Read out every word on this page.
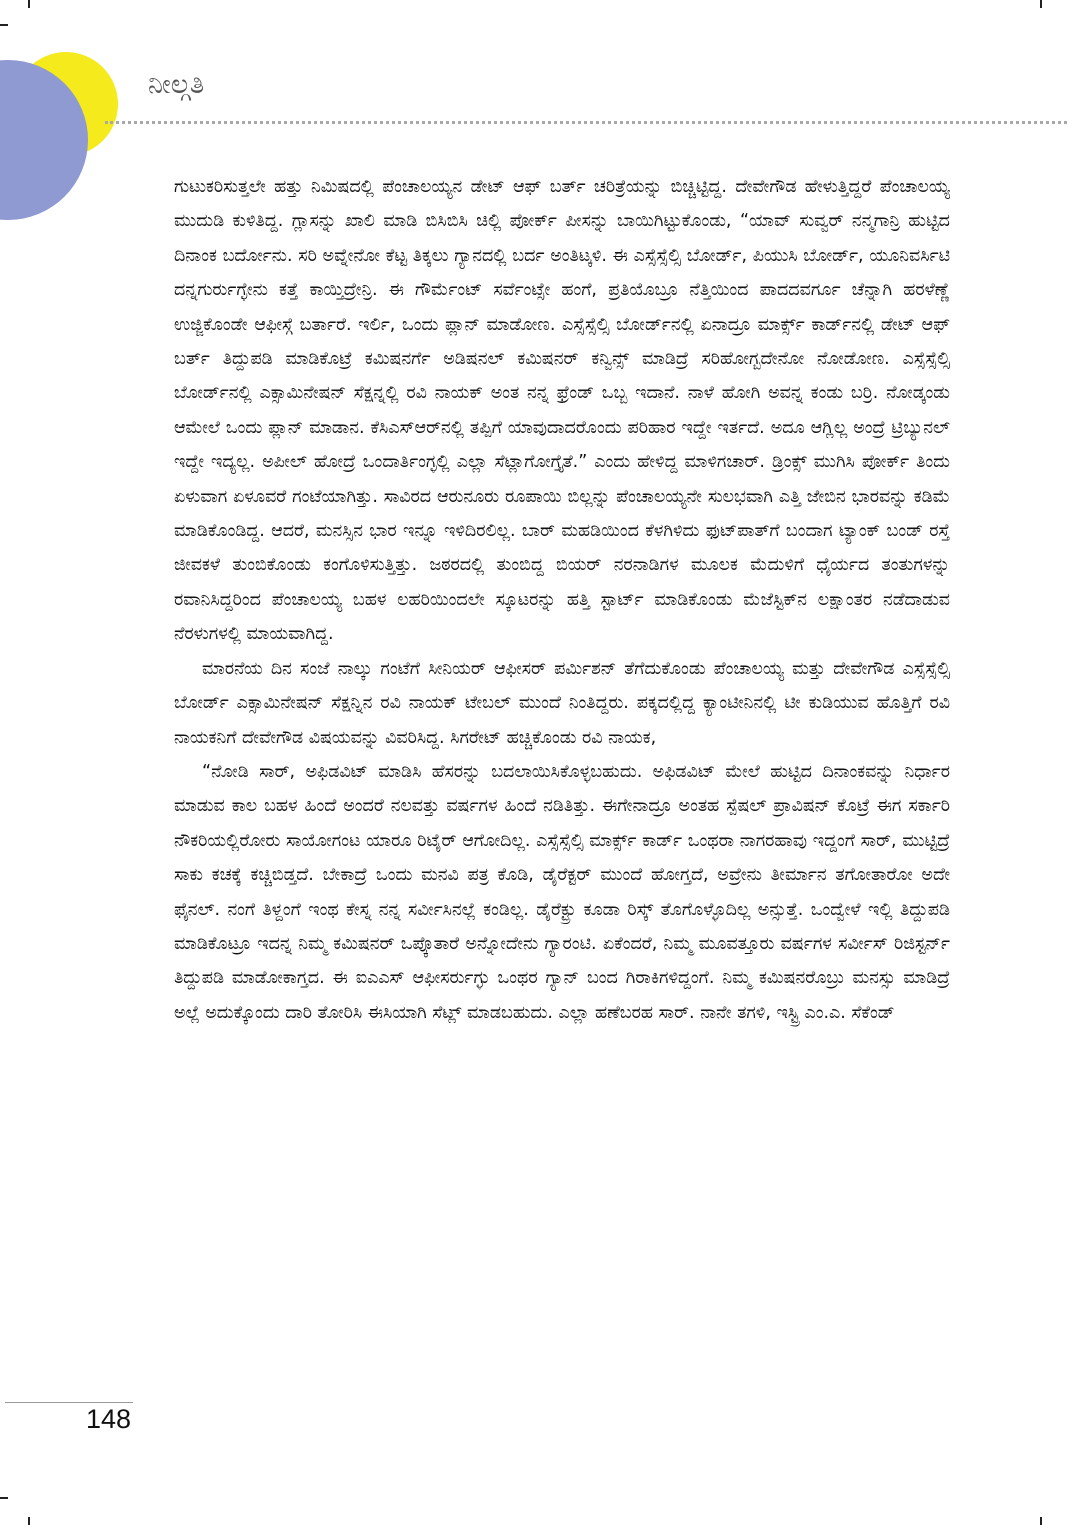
ನೀಲ್ಗತಿ

ಗುಟುಕರಿಸುತ್ತಲೇ ಹತ್ತು ನಿಮಿಷದಲ್ಲಿ ಪೆಂಚಾಲಯ್ಯನ ಡೇಟ್ ಆಫ್ ಬರ್ತ್ ಚರಿತ್ರೆಯನ್ನು ಬಿಚ್ಚಿಟ್ಟಿದ್ದ. ದೇವೇಗೌಡ ಹೇಳುತ್ತಿದ್ದರೆ ಪೆಂಚಾಲಯ್ಯ ಮುದುಡಿ ಕುಳಿತಿದ್ದ. ಗ್ಲಾಸನ್ನು ಖಾಲಿ ಮಾಡಿ ಬಿಸಿಬಿಸಿ ಚಿಲ್ಲಿ ಪೋರ್ಕ್ ಪೀಸನ್ನು ಬಾಯಿಗಿಟ್ಟುಕೊಂಡು, “ಯಾವ್ ಸುವ್ವರ್ ನನ್ಮಗಾನ್ರಿ ಹುಟ್ಟಿದ ದಿನಾಂಕ ಬರ್ದೋನು. ಸರಿ ಅವ್ನೇನೋ ಕೆಟ್ಟ ತಿಕ್ಕಲು ಗ್ಯಾನದಲ್ಲಿ ಬರ್ದ ಅಂತಿಟ್ಕಳಿ. ಈ ಎಸ್ಸೆಸ್ಸೆಲ್ಸಿ ಬೋರ್ಡ್, ಪಿಯುಸಿ ಬೋರ್ಡ್, ಯೂನಿವರ್ಸಿಟಿ ದನ್ನಗುರ್ರುಗ್ಳೇನು ಕತ್ತೆ ಕಾಯ್ತಿದ್ರೇನ್ರಿ. ಈ ಗೌರ್ಮೆಂಟ್ ಸರ್ವೆಂಟ್ಸೇ ಹಂಗೆ, ಪ್ರತಿಯೊಬ್ರೂ ನೆತ್ತಿಯಿಂದ ಪಾದದವರ್ಗೂ ಚೆನ್ನಾಗಿ ಹರಳೆಣ್ಣೆ ಉಜ್ಜಿಕೊಂಡೇ ಆಫೀಸ್ಗೆ ಬರ್ತಾರೆ. ಇರ್ಲಿ, ಒಂದು ಪ್ಲಾನ್ ಮಾಡೋಣ. ಎಸ್ಸೆಸ್ಸೆಲ್ಸಿ ಬೋರ್ಡ್‌ನಲ್ಲಿ ಏನಾದ್ರೂ ಮಾರ್ಕ್ಸ್ ಕಾರ್ಡ್‌ನಲ್ಲಿ ಡೇಟ್ ಆಫ್ ಬರ್ತ್ ತಿದ್ದುಪಡಿ ಮಾಡಿಕೊಟ್ರೆ ಕಮಿಷನರ್ಗೆ ಅಡಿಷನಲ್ ಕಮಿಷನರ್ ಕನ್ವಿನ್ಸ್ ಮಾಡಿದ್ರೆ ಸರಿಹೋಗ್ಬದೇನೋ ನೋಡೋಣ. ಎಸ್ಸೆಸ್ಸೆಲ್ಸಿ ಬೋರ್ಡ್‌ನಲ್ಲಿ ಎಕ್ಸಾಮಿನೇಷನ್ ಸೆಕ್ಷನ್ನಲ್ಲಿ ರವಿ ನಾಯಕ್ ಅಂತ ನನ್ನ ಫ್ರೆಂಡ್ ಒಬ್ಬ ಇದಾನೆ. ನಾಳೆ ಹೋಗಿ ಅವನ್ನ ಕಂಡು ಬರ್ರಿ. ನೋಡ್ಕಂಡು ಆಮೇಲೆ ಒಂದು ಪ್ಲಾನ್ ಮಾಡಾನ. ಕೆಸಿಎಸ್‌ಆರ್‌ನಲ್ಲಿ ತಪ್ಪಿಗೆ ಯಾವುದಾದರೊಂದು ಪರಿಹಾರ ಇದ್ದೇ ಇರ್ತದೆ. ಅದೂ ಆಗ್ಲಿಲ್ಲ ಅಂದ್ರೆ ಟ್ರಿಬ್ಯುನಲ್ ಇದ್ದೇ ಇದ್ಯಲ್ಲ. ಅಪೀಲ್ ಹೋದ್ರೆ ಒಂದಾರ್ತಿಂಗ್ಳಲ್ಲಿ ಎಲ್ಲಾ ಸೆಟ್ಲಾಗೋಗ್ತೈತೆ.” ಎಂದು ಹೇಳಿದ್ದ ಮಾಳಿಗಚಾರ್. ಡ್ರಿಂಕ್ಸ್ ಮುಗಿಸಿ ಪೋರ್ಕ್ ತಿಂದು ಏಳುವಾಗ ಏಳೂವರೆ ಗಂಟೆಯಾಗಿತ್ತು. ಸಾವಿರದ ಆರುನೂರು ರೂಪಾಯಿ ಬಿಲ್ಲನ್ನು ಪೆಂಚಾಲಯ್ಯನೇ ಸುಲಭವಾಗಿ ಎತ್ತಿ ಜೇಬಿನ ಭಾರವನ್ನು ಕಡಿಮೆ ಮಾಡಿಕೊಂಡಿದ್ದ. ಆದರೆ, ಮನಸ್ಸಿನ ಭಾರ ಇನ್ನೂ ಇಳಿದಿರಲಿಲ್ಲ. ಬಾರ್ ಮಹಡಿಯಿಂದ ಕೆಳಗಿಳಿದು ಫುಟ್‌ಪಾತ್‌ಗೆ ಬಂದಾಗ ಟ್ಯಾಂಕ್ ಬಂಡ್ ರಸ್ತೆ ಜೀವಕಳೆ ತುಂಬಿಕೊಂಡು ಕಂಗೊಳಿಸುತ್ತಿತ್ತು. ಜಠರದಲ್ಲಿ ತುಂಬಿದ್ದ ಬಿಯರ್ ನರನಾಡಿಗಳ ಮೂಲಕ ಮೆದುಳಿಗೆ ಧೈರ್ಯದ ತಂತುಗಳನ್ನು ರವಾನಿಸಿದ್ದರಿಂದ ಪೆಂಚಾಲಯ್ಯ ಬಹಳ ಲಹರಿಯಿಂದಲೇ ಸ್ಕೂಟರನ್ನು ಹತ್ತಿ ಸ್ಟಾರ್ಟ್ ಮಾಡಿಕೊಂಡು ಮೆಜೆಸ್ಟಿಕ್‌ನ ಲಕ್ಷಾಂತರ ನಡೆದಾಡುವ ನೆರಳುಗಳಲ್ಲಿ ಮಾಯವಾಗಿದ್ದ.

ಮಾರನೆಯ ದಿನ ಸಂಜೆ ನಾಲ್ಕು ಗಂಟೆಗೆ ಸೀನಿಯರ್ ಆಫೀಸರ್ ಪರ್ಮಿಶನ್ ತೆಗೆದುಕೊಂಡು ಪೆಂಚಾಲಯ್ಯ ಮತ್ತು ದೇವೇಗೌಡ ಎಸ್ಸೆಸ್ಸೆಲ್ಸಿ ಬೋರ್ಡ್ ಎಕ್ಸಾಮಿನೇಷನ್ ಸೆಕ್ಷನ್ನಿನ ರವಿ ನಾಯಕ್ ಟೇಬಲ್ ಮುಂದೆ ನಿಂತಿದ್ದರು. ಪಕ್ಕದಲ್ಲಿದ್ದ ಕ್ಯಾಂಟೀನಿನಲ್ಲಿ ಟೀ ಕುಡಿಯುವ ಹೊತ್ತಿಗೆ ರವಿ ನಾಯಕನಿಗೆ ದೇವೇಗೌಡ ವಿಷಯವನ್ನು ವಿವರಿಸಿದ್ದ. ಸಿಗರೇಟ್ ಹಚ್ಚಿಕೊಂಡು ರವಿ ನಾಯಕ,

“ನೋಡಿ ಸಾರ್, ಅಫಿಡವಿಟ್ ಮಾಡಿಸಿ ಹೆಸರನ್ನು ಬದಲಾಯಿಸಿಕೊಳ್ಳಬಹುದು. ಅಫಿಡವಿಟ್ ಮೇಲೆ ಹುಟ್ಟಿದ ದಿನಾಂಕವನ್ನು ನಿರ್ಧಾರ ಮಾಡುವ ಕಾಲ ಬಹಳ ಹಿಂದೆ ಅಂದರೆ ನಲವತ್ತು ವರ್ಷಗಳ ಹಿಂದೆ ನಡಿತಿತ್ತು. ಈಗೇನಾದ್ರೂ ಅಂತಹ ಸ್ಪೆಷಲ್ ಪ್ರಾವಿಷನ್ ಕೊಟ್ರೆ ಈಗ ಸರ್ಕಾರಿ ನೌಕರಿಯಲ್ಲಿರೋರು ಸಾಯೋಗಂಟ ಯಾರೂ ರಿಟೈರ್ ಆಗೋದಿಲ್ಲ. ಎಸ್ಸೆಸ್ಸೆಲ್ಸಿ ಮಾರ್ಕ್ಸ್ ಕಾರ್ಡ್ ಒಂಥರಾ ನಾಗರಹಾವು ಇದ್ದಂಗೆ ಸಾರ್, ಮುಟ್ಟಿದ್ರೆ ಸಾಕು ಕಚಕ್ಕೆ ಕಚ್ಚಿಬಿಡ್ತದೆ. ಬೇಕಾದ್ರೆ ಒಂದು ಮನವಿ ಪತ್ರ ಕೊಡಿ, ಡೈರೆಕ್ಟರ್ ಮುಂದೆ ಹೋಗ್ತದೆ, ಅವ್ರೇನು ತೀರ್ಮಾನ ತಗೋತಾರೋ ಅದೇ ಫೈನಲ್. ನಂಗೆ ತಿಳ್ದಂಗೆ ಇಂಥ ಕೇಸ್ನ ನನ್ನ ಸರ್ವೀಸಿನಲ್ಲೆ ಕಂಡಿಲ್ಲ. ಡೈರೆಕ್ಟ್ರು ಕೂಡಾ ರಿಸ್ಕ್ ತೊಗೊಳ್ಳೊದಿಲ್ಲ ಅನ್ಸುತ್ತೆ. ಒಂದ್ವೇಳೆ ಇಲ್ಲಿ ತಿದ್ದುಪಡಿ ಮಾಡಿಕೊಟ್ರೂ ಇದನ್ನ ನಿಮ್ಮ ಕಮಿಷನರ್ ಒಪ್ಕೊತಾರೆ ಅನ್ನೋದೇನು ಗ್ಯಾರಂಟಿ. ಏಕೆಂದರೆ, ನಿಮ್ಮ ಮೂವತ್ತೂರು ವರ್ಷಗಳ ಸರ್ವೀಸ್ ರಿಜಿಸ್ಟರ್ನ್ ತಿದ್ದುಪಡಿ ಮಾಡೋಕಾಗ್ತದ. ಈ ಐಎಎಸ್ ಆಫೀಸರ್ರುಗ್ಳು ಒಂಥರ ಗ್ಯಾನ್ ಬಂದ ಗಿರಾಕಿಗಳಿದ್ದಂಗೆ. ನಿಮ್ಮ ಕಮಿಷನರೊಬ್ರು ಮನಸ್ಸು ಮಾಡಿದ್ರೆ ಅಲ್ಲೆ ಅದುಕ್ಕೊಂದು ದಾರಿ ತೋರಿಸಿ ಈಸಿಯಾಗಿ ಸೆಟ್ಲ್ ಮಾಡಬಹುದು. ಎಲ್ಲಾ ಹಣೆಬರಹ ಸಾರ್. ನಾನೇ ತಗಳಿ, ಇಸ್ಟ್ರಿ ಎಂ.ಎ. ಸೆಕೆಂಡ್

148
